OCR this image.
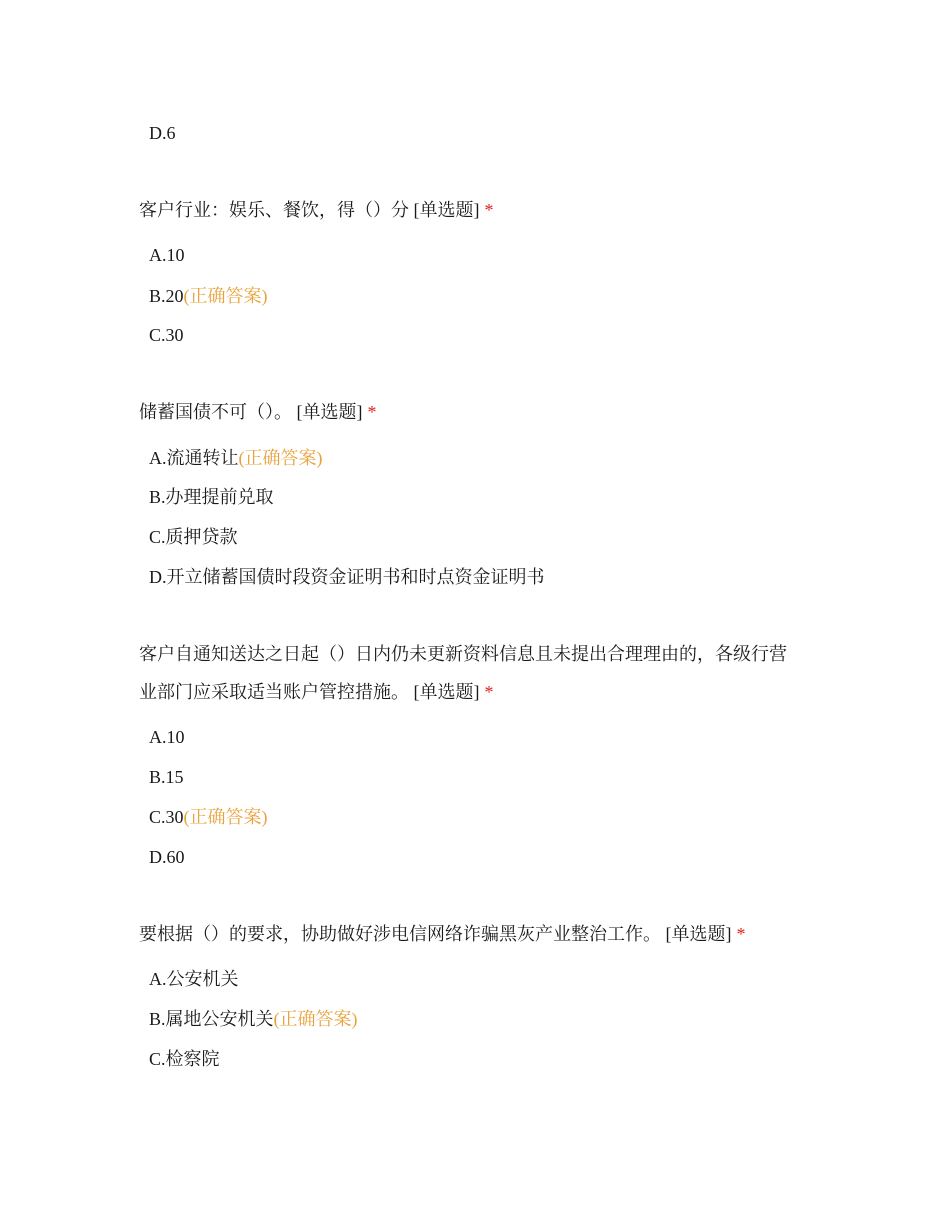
D.6
客户行业：娱乐、餐饮，得（）分 [单选题] *
A.10
B.20(正确答案)
C.30
储蓄国债不可（）。 [单选题] *
A.流通转让(正确答案)
B.办理提前兑取
C.质押贷款
D.开立储蓄国债时段资金证明书和时点资金证明书
客户自通知送达之日起（）日内仍未更新资料信息且未提出合理理由的，各级行营
业部门应采取适当账户管控措施。 [单选题] *
A.10
B.15
C.30(正确答案)
D.60
要根据（）的要求，协助做好涉电信网络诈骗黑灰产业整治工作。 [单选题] *
A.公安机关
B.属地公安机关(正确答案)
C.检察院
